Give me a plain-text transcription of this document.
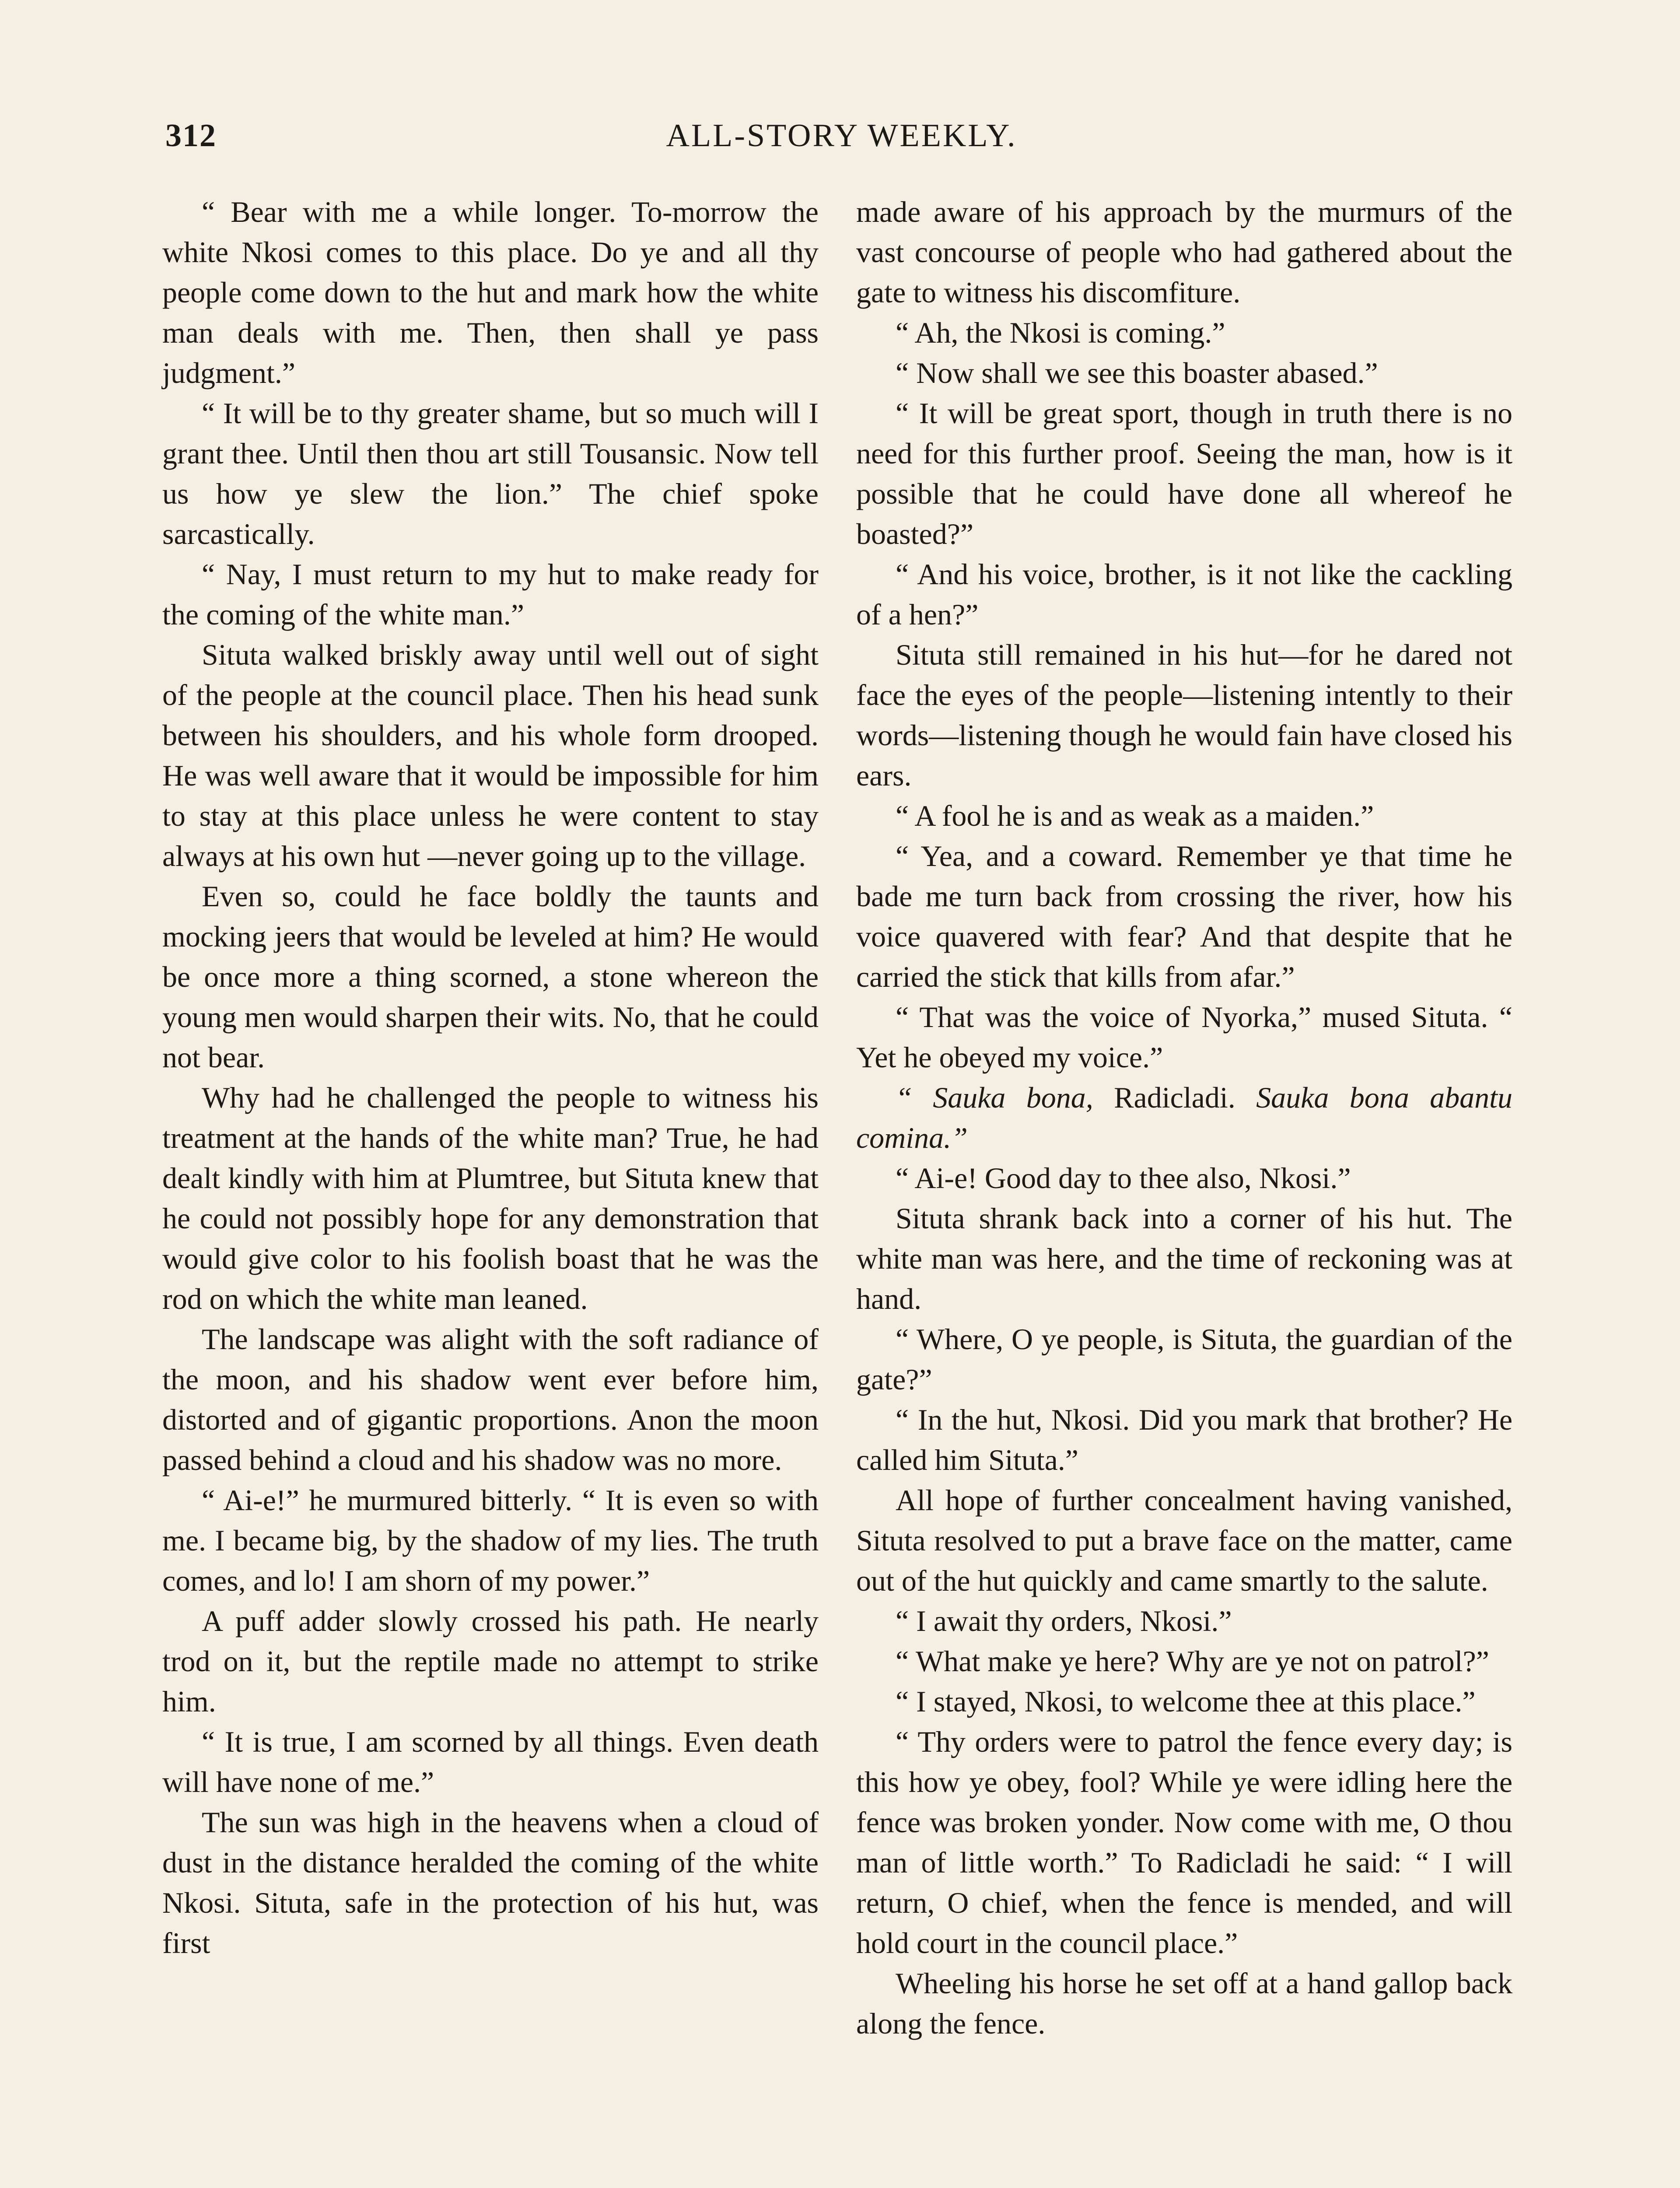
ALL-STORY WEEKLY.
312

“ Bear with me a while longer. To-morrow the white Nkosi comes to this place. Do ye and all thy people come down to the hut and mark how the white man deals with me. Then, then shall ye pass judgment.”

“ It will be to thy greater shame, but so much will I grant thee. Until then thou art still Tousansic. Now tell us how ye slew the lion.” The chief spoke sarcastically.

“ Nay, I must return to my hut to make ready for the coming of the white man.”

Situta walked briskly away until well out of sight of the people at the council place. Then his head sunk between his shoulders, and his whole form drooped. He was well aware that it would be impossible for him to stay at this place unless he were content to stay always at his own hut —never going up to the village.

Even so, could he face boldly the taunts and mocking jeers that would be leveled at him? He would be once more a thing scorned, a stone whereon the young men would sharpen their wits. No, that he could not bear.

Why had he challenged the people to witness his treatment at the hands of the white man? True, he had dealt kindly with him at Plumtree, but Situta knew that he could not possibly hope for any demonstration that would give color to his foolish boast that he was the rod on which the white man leaned.

The landscape was alight with the soft radiance of the moon, and his shadow went ever before him, distorted and of gigantic proportions. Anon the moon passed behind a cloud and his shadow was no more.

“ Ai-e!” he murmured bitterly. “ It is even so with me. I became big, by the shadow of my lies. The truth comes, and lo! I am shorn of my power.”

A puff adder slowly crossed his path. He nearly trod on it, but the reptile made no attempt to strike him.

“ It is true, I am scorned by all things. Even death will have none of me.”

The sun was high in the heavens when a cloud of dust in the distance heralded the coming of the white Nkosi. Situta, safe in the protection of his hut, was first

made aware of his approach by the murmurs of the vast concourse of people who had gathered about the gate to witness his discomfiture.

“ Ah, the Nkosi is coming.”

“ Now shall we see this boaster abased.”

“ It will be great sport, though in truth there is no need for this further proof. Seeing the man, how is it possible that he could have done all whereof he boasted?”

“ And his voice, brother, is it not like the cackling of a hen?”

Situta still remained in his hut—for he dared not face the eyes of the people—listening intently to their words—listening though he would fain have closed his ears.

“ A fool he is and as weak as a maiden.”

“ Yea, and a coward. Remember ye that time he bade me turn back from crossing the river, how his voice quavered with fear? And that despite that he carried the stick that kills from afar.”

“ That was the voice of Nyorka,” mused Situta. “ Yet he obeyed my voice.”

“ Sauka bona, Radicladi. Sauka bona abantu comina.”

“ Ai-e! Good day to thee also, Nkosi.”

Situta shrank back into a corner of his hut. The white man was here, and the time of reckoning was at hand.

“ Where, O ye people, is Situta, the guardian of the gate?”

“ In the hut, Nkosi. Did you mark that brother? He called him Situta.”

All hope of further concealment having vanished, Situta resolved to put a brave face on the matter, came out of the hut quickly and came smartly to the salute.

“ I await thy orders, Nkosi.”

“ What make ye here? Why are ye not on patrol?”

“ I stayed, Nkosi, to welcome thee at this place.”

“ Thy orders were to patrol the fence every day; is this how ye obey, fool? While ye were idling here the fence was broken yonder. Now come with me, O thou man of little worth.” To Radicladi he said: “ I will return, O chief, when the fence is mended, and will hold court in the council place.”

Wheeling his horse he set off at a hand gallop back along the fence.
